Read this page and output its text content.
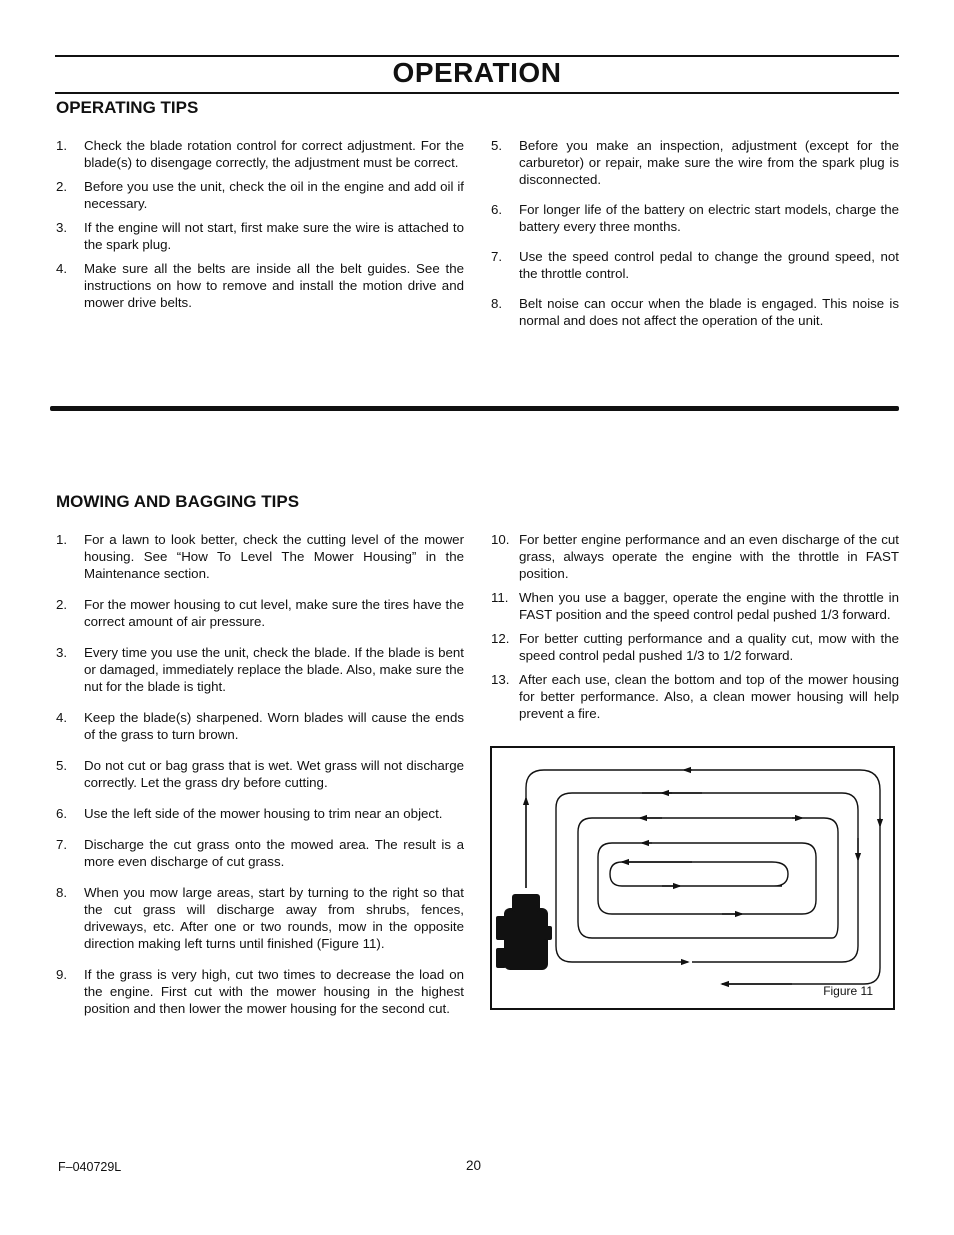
OPERATION
OPERATING TIPS
1. Check the blade rotation control for correct adjustment. For the blade(s) to disengage correctly, the adjustment must be correct.
2. Before you use the unit, check the oil in the engine and add oil if necessary.
3. If the engine will not start, first make sure the wire is attached to the spark plug.
4. Make sure all the belts are inside all the belt guides. See the instructions on how to remove and install the motion drive and mower drive belts.
5. Before you make an inspection, adjustment (except for the carburetor) or repair, make sure the wire from the spark plug is disconnected.
6. For longer life of the battery on electric start models, charge the battery every three months.
7. Use the speed control pedal to change the ground speed, not the throttle control.
8. Belt noise can occur when the blade is engaged. This noise is normal and does not affect the operation of the unit.
MOWING AND BAGGING TIPS
1. For a lawn to look better, check the cutting level of the mower housing. See “How To Level The Mower Housing” in the Maintenance section.
2. For the mower housing to cut level, make sure the tires have the correct amount of air pressure.
3. Every time you use the unit, check the blade. If the blade is bent or damaged, immediately replace the blade. Also, make sure the nut for the blade is tight.
4. Keep the blade(s) sharpened. Worn blades will cause the ends of the grass to turn brown.
5. Do not cut or bag grass that is wet. Wet grass will not discharge correctly. Let the grass dry before cutting.
6. Use the left side of the mower housing to trim near an object.
7. Discharge the cut grass onto the mowed area. The result is a more even discharge of cut grass.
8. When you mow large areas, start by turning to the right so that the cut grass will discharge away from shrubs, fences, driveways, etc. After one or two rounds, mow in the opposite direction making left turns until finished (Figure 11).
9. If the grass is very high, cut two times to decrease the load on the engine. First cut with the mower housing in the highest position and then lower the mower housing for the second cut.
10. For better engine performance and an even discharge of the cut grass, always operate the engine with the throttle in FAST position.
11. When you use a bagger, operate the engine with the throttle in FAST position and the speed control pedal pushed 1/3 forward.
12. For better cutting performance and a quality cut, mow with the speed control pedal pushed 1/3 to 1/2 forward.
13. After each use, clean the bottom and top of the mower housing for better performance. Also, a clean mower housing will help prevent a fire.
Figure 11
F–040729L	20
